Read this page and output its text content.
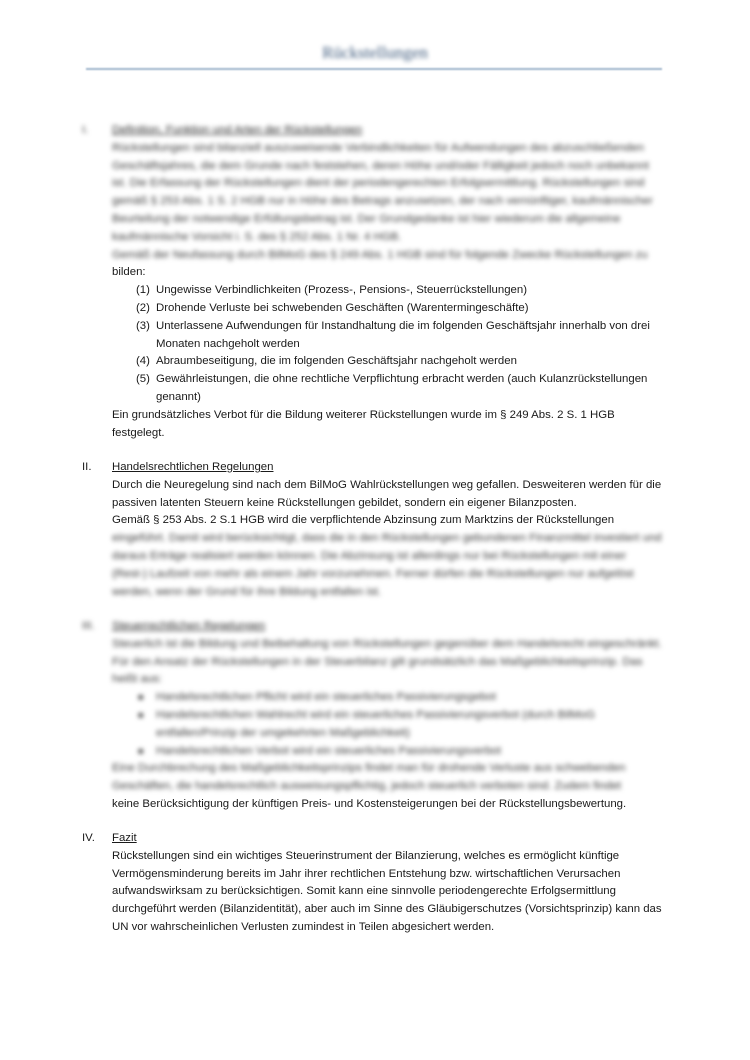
Rückstellungen
I. Definition, Funktion und Arten der Rückstellungen

Rückstellungen sind bilanziell auszuweisende Verbindlichkeiten für Aufwendungen des abzuschließenden Geschäftsjahres, die dem Grunde nach feststehen, deren Höhe und/oder Fälligkeit jedoch noch unbekannt ist. Die Erfassung der Rückstellungen dient der periodengerechten Erfolgsermittlung. Rückstellungen sind gemäß § 253 Abs. 1 S. 2 HGB nur in Höhe des Betrags anzusetzen, der nach vernünftiger, kaufmännischer Beurteilung der notwendige Erfüllungsbetrag ist. Der Grundgedanke ist hier wiederum die allgemeine kaufmännische Vorsicht i. S. des § 252 Abs. 1 Nr. 4 HGB.

Gemäß der Neufassung durch BilMoG des § 249 Abs. 1 HGB sind für folgende Zwecke Rückstellungen zu

bilden:

(1) Ungewisse Verbindlichkeiten (Prozess-, Pensions-, Steuerrückstellungen)
(2) Drohende Verluste bei schwebenden Geschäften (Warentermingeschäfte)
(3) Unterlassene Aufwendungen für Instandhaltung die im folgenden Geschäftsjahr innerhalb von drei Monaten nachgeholt werden
(4) Abraumbeseitigung, die im folgenden Geschäftsjahr nachgeholt werden
(5) Gewährleistungen, die ohne rechtliche Verpflichtung erbracht werden (auch Kulanzrückstellungen genannt)

Ein grundsätzliches Verbot für die Bildung weiterer Rückstellungen wurde im § 249 Abs. 2 S. 1 HGB festgelegt.

II. Handelsrechtlichen Regelungen

Durch die Neuregelung sind nach dem BilMoG Wahlrückstellungen weg gefallen. Desweiteren werden für die passiven latenten Steuern keine Rückstellungen gebildet, sondern ein eigener Bilanzposten.

Gemäß § 253 Abs. 2 S.1 HGB wird die verpflichtende Abzinsung zum Marktzins der Rückstellungen

eingeführt. Damit wird berücksichtigt, dass die in den Rückstellungen gebundenen Finanzmittel investiert und daraus Erträge realisiert werden können. Die Abzinsung ist allerdings nur bei Rückstellungen mit einer (Rest-) Laufzeit von mehr als einem Jahr vorzunehmen. Ferner dürfen die Rückstellungen nur aufgelöst werden, wenn der Grund für ihre Bildung entfallen ist.

III. Steuerrechtlichen Regelungen

Steuerlich ist die Bildung und Beibehaltung von Rückstellungen gegenüber dem Handelsrecht eingeschränkt. Für den Ansatz der Rückstellungen in der Steuerbilanz gilt grundsätzlich das Maßgeblichkeitsprinzip. Das heißt aus:

■ Handelsrechtlichen Pflicht wird ein steuerliches Passivierungsgebot
■ Handelsrechtlichen Wahlrecht wird ein steuerliches Passivierungsverbot (durch BilMoG entfallen/Prinzip der umgekehrten Maßgeblichkeit)
■ Handelsrechtlichen Verbot wird ein steuerliches Passivierungsverbot

Eine Durchbrechung des Maßgeblichkeitsprinzips findet man für drohende Verluste aus schwebenden Geschäften, die handelsrechtlich ausweisungspflichtig, jedoch steuerlich verboten sind. Zudem findet

keine Berücksichtigung der künftigen Preis- und Kostensteigerungen bei der Rückstellungsbewertung.

IV. Fazit

Rückstellungen sind ein wichtiges Steuerinstrument der Bilanzierung, welches es ermöglicht künftige Vermögensminderung bereits im Jahr ihrer rechtlichen Entstehung bzw. wirtschaftlichen Verursachen aufwandswirksam zu berücksichtigen. Somit kann eine sinnvolle periodengerechte Erfolgsermittlung durchgeführt werden (Bilanzidentität), aber auch im Sinne des Gläubigerschutzes (Vorsichtsprinzip) kann das UN vor wahrscheinlichen Verlusten zumindest in Teilen abgesichert werden.
